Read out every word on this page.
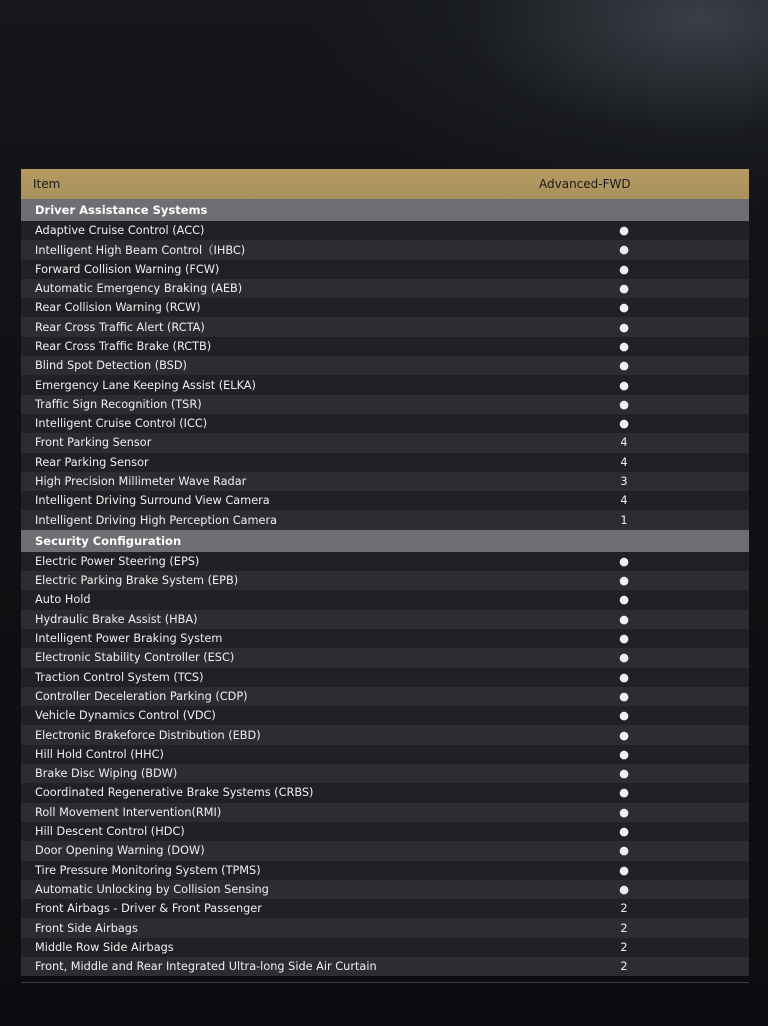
Item	Advanced-FWD
Driver Assistance Systems
Adaptive Cruise Control (ACC)	●
Intelligent High Beam Control（IHBC)	●
Forward Collision Warning (FCW)	●
Automatic Emergency Braking (AEB)	●
Rear Collision Warning (RCW)	●
Rear Cross Traffic Alert (RCTA)	●
Rear Cross Traffic Brake (RCTB)	●
Blind Spot Detection (BSD)	●
Emergency Lane Keeping Assist (ELKA)	●
Traffic Sign Recognition (TSR)	●
Intelligent Cruise Control (ICC)	●
Front Parking Sensor	4
Rear Parking Sensor	4
High Precision Millimeter Wave Radar	3
Intelligent Driving Surround View Camera	4
Intelligent Driving High Perception Camera	1
Security Configuration
Electric Power Steering (EPS)	●
Electric Parking Brake System (EPB)	●
Auto Hold	●
Hydraulic Brake Assist (HBA)	●
Intelligent Power Braking System	●
Electronic Stability Controller (ESC)	●
Traction Control System (TCS)	●
Controller Deceleration Parking (CDP)	●
Vehicle Dynamics Control (VDC)	●
Electronic Brakeforce Distribution (EBD)	●
Hill Hold Control (HHC)	●
Brake Disc Wiping (BDW)	●
Coordinated Regenerative Brake Systems (CRBS)	●
Roll Movement Intervention(RMI)	●
Hill Descent Control (HDC)	●
Door Opening Warning (DOW)	●
Tire Pressure Monitoring System (TPMS)	●
Automatic Unlocking by Collision Sensing	●
Front Airbags - Driver & Front Passenger	2
Front Side Airbags	2
Middle Row Side Airbags	2
Front, Middle and Rear Integrated Ultra-long Side Air Curtain	2
